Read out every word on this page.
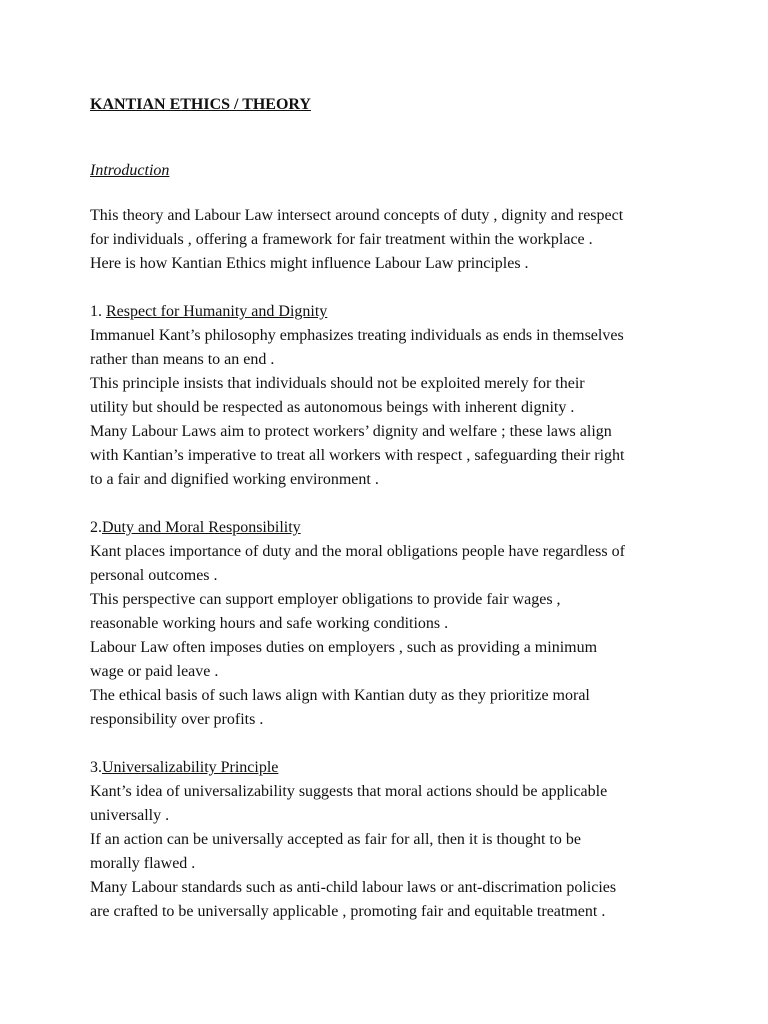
KANTIAN ETHICS / THEORY
Introduction

This theory and Labour Law intersect around concepts of duty , dignity and respect
for individuals , offering a framework for fair treatment within the workplace .
Here is how Kantian Ethics might influence Labour Law principles .

1. Respect for Humanity and Dignity

Immanuel Kant’s philosophy emphasizes treating individuals as ends in themselves
rather than means to an end .
This principle insists that individuals should not be exploited merely for their
utility but should be respected as autonomous beings with inherent dignity .
Many Labour Laws aim to protect workers’ dignity and welfare ; these laws align
with Kantian’s imperative to treat all workers with respect , safeguarding their right
to a fair and dignified working environment .

2.Duty and Moral Responsibility

Kant places importance of duty and the moral obligations people have regardless of
personal outcomes .
This perspective can support employer obligations to provide fair wages ,
reasonable working hours and safe working conditions .
Labour Law often imposes duties on employers , such as providing a minimum
wage or paid leave .
The ethical basis of such laws align with Kantian duty as they prioritize moral
responsibility over profits .

3.Universalizability Principle

Kant’s idea of universalizability suggests that moral actions should be applicable
universally .
If an action can be universally accepted as fair for all, then it is thought to be
morally flawed .
Many Labour standards such as anti-child labour laws or ant-discrimation policies
are crafted to be universally applicable , promoting fair and equitable treatment .
